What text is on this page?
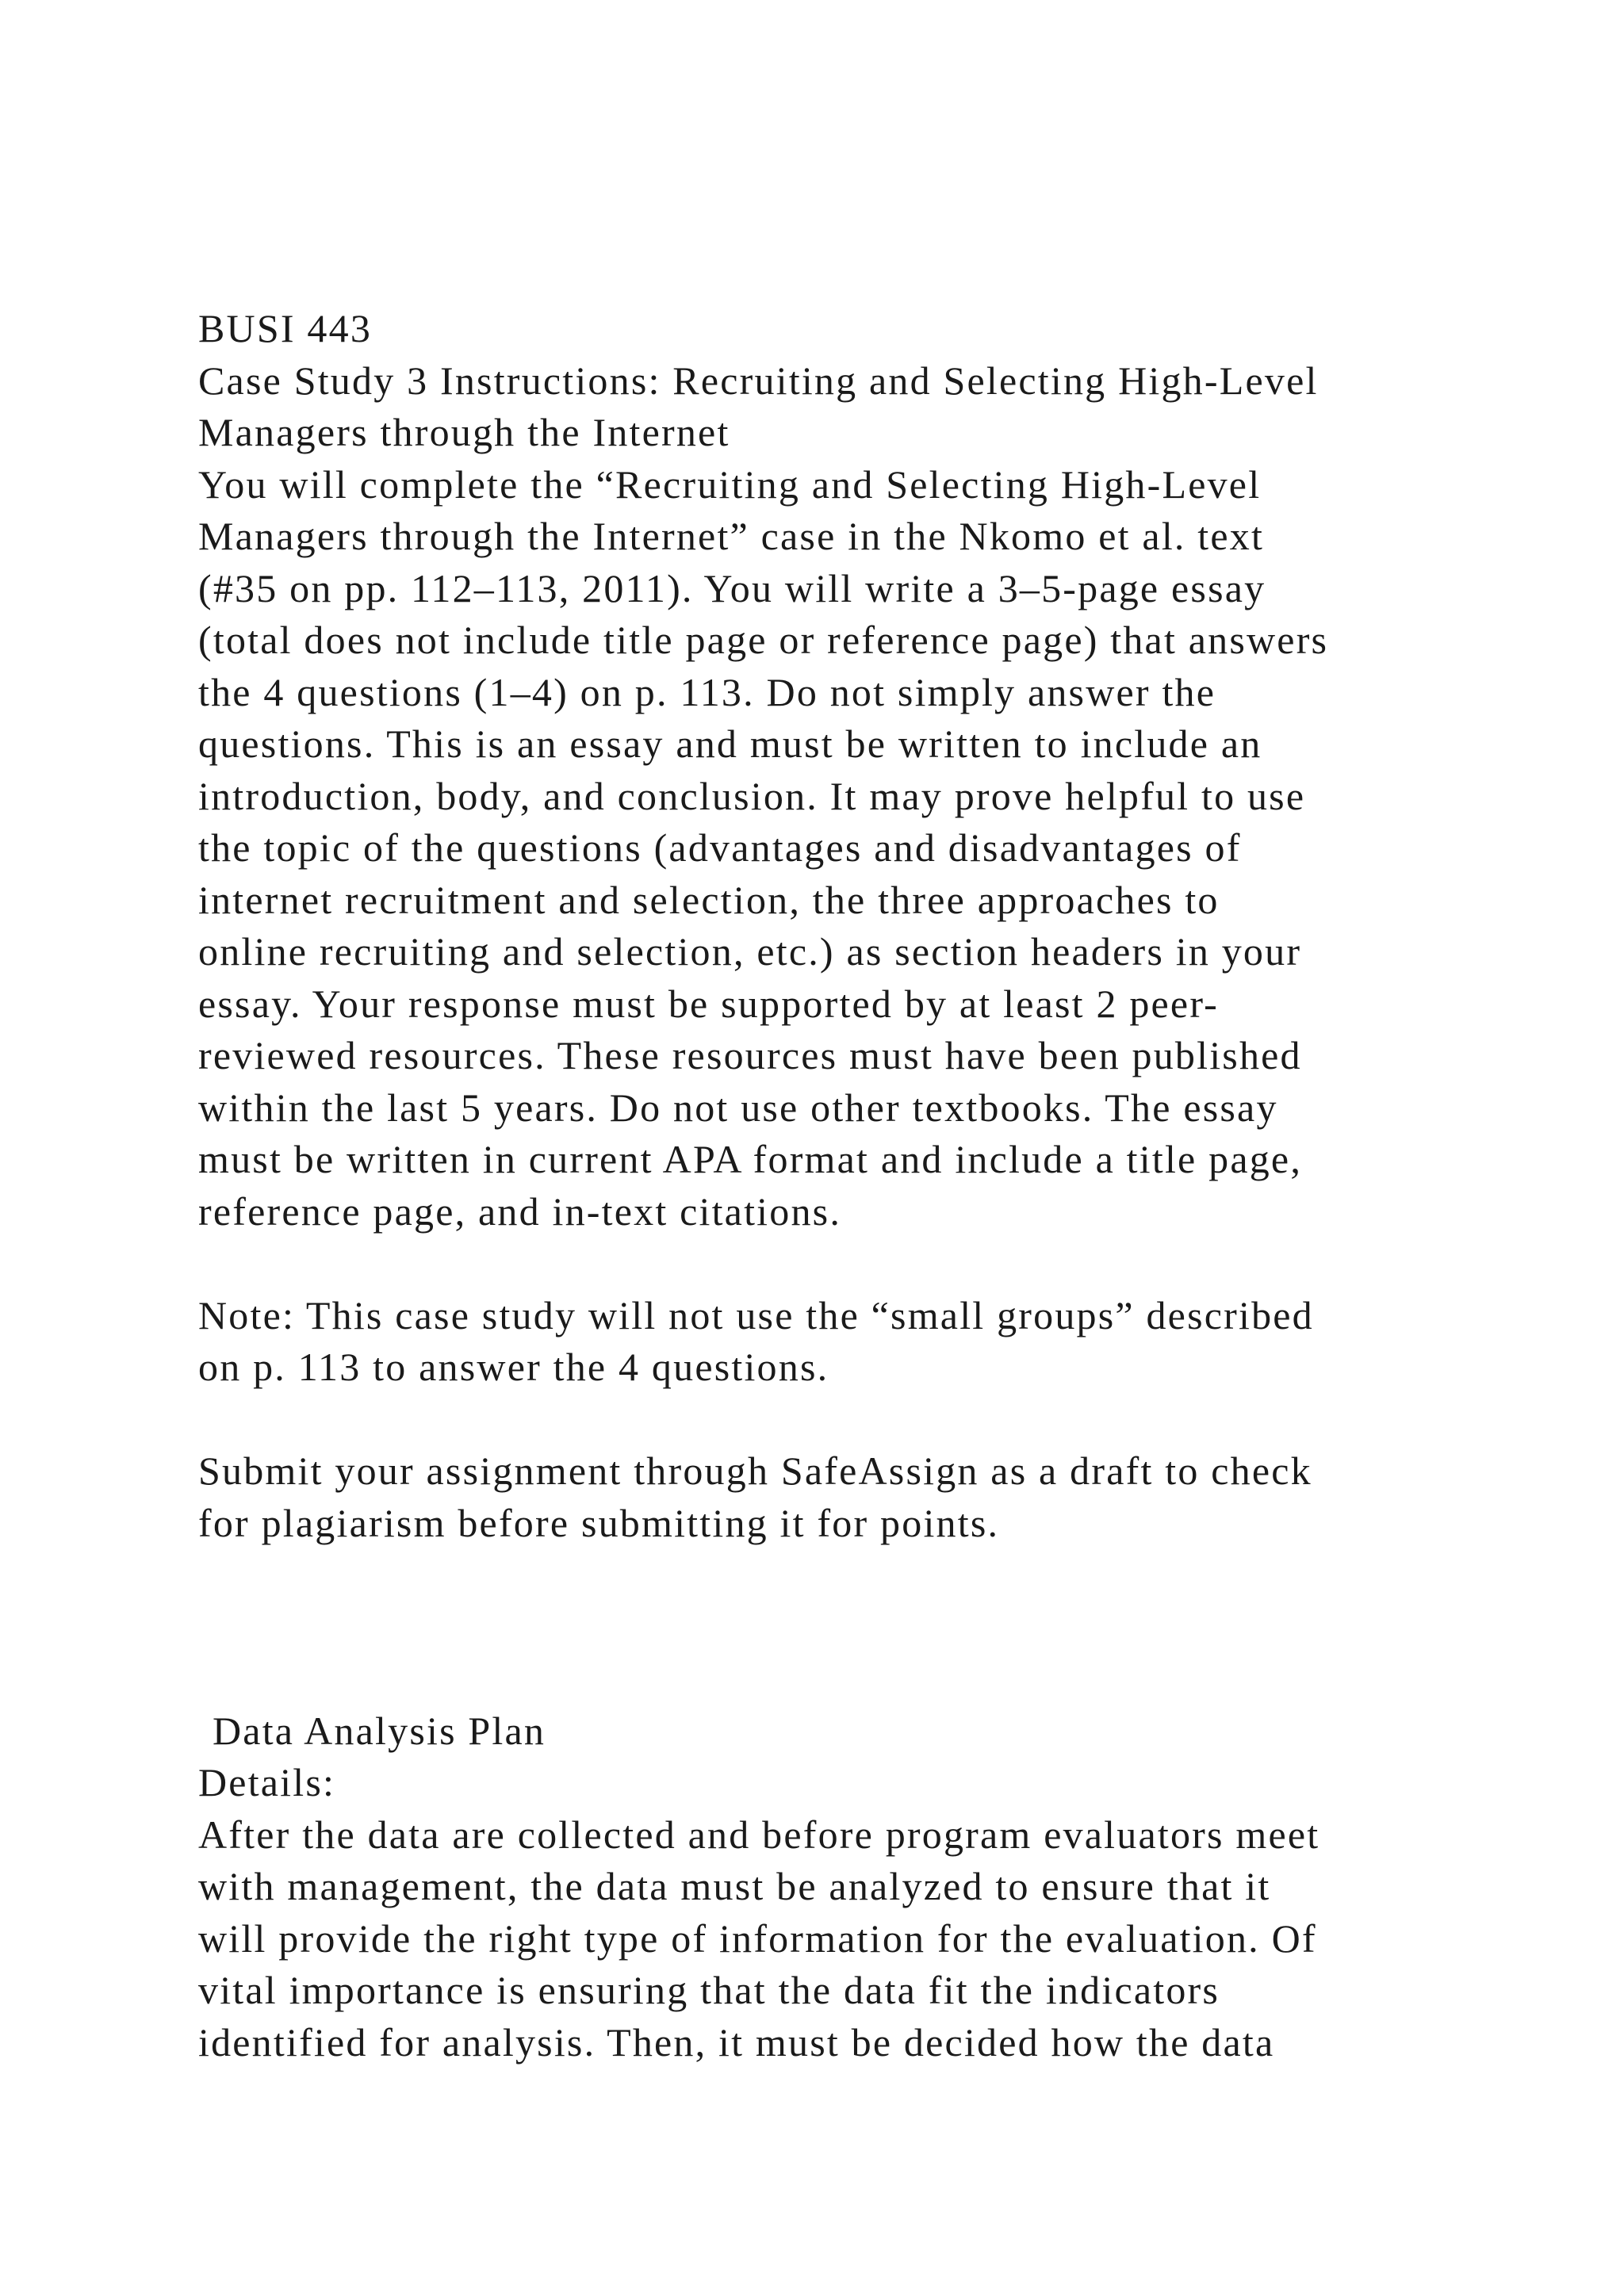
BUSI 443
Case Study 3 Instructions: Recruiting and Selecting High-Level
Managers through the Internet
You will complete the “Recruiting and Selecting High-Level
Managers through the Internet” case in the Nkomo et al. text
(#35 on pp. 112–113, 2011). You will write a 3–5-page essay
(total does not include title page or reference page) that answers
the 4 questions (1–4) on p. 113. Do not simply answer the
questions. This is an essay and must be written to include an
introduction, body, and conclusion. It may prove helpful to use
the topic of the questions (advantages and disadvantages of
internet recruitment and selection, the three approaches to
online recruiting and selection, etc.) as section headers in your
essay. Your response must be supported by at least 2 peer-
reviewed resources. These resources must have been published
within the last 5 years. Do not use other textbooks. The essay
must be written in current APA format and include a title page,
reference page, and in-text citations.
Note: This case study will not use the “small groups” described
on p. 113 to answer the 4 questions.
Submit your assignment through SafeAssign as a draft to check
for plagiarism before submitting it for points.
Data Analysis Plan
Details:
After the data are collected and before program evaluators meet
with management, the data must be analyzed to ensure that it
will provide the right type of information for the evaluation. Of
vital importance is ensuring that the data fit the indicators
identified for analysis. Then, it must be decided how the data
